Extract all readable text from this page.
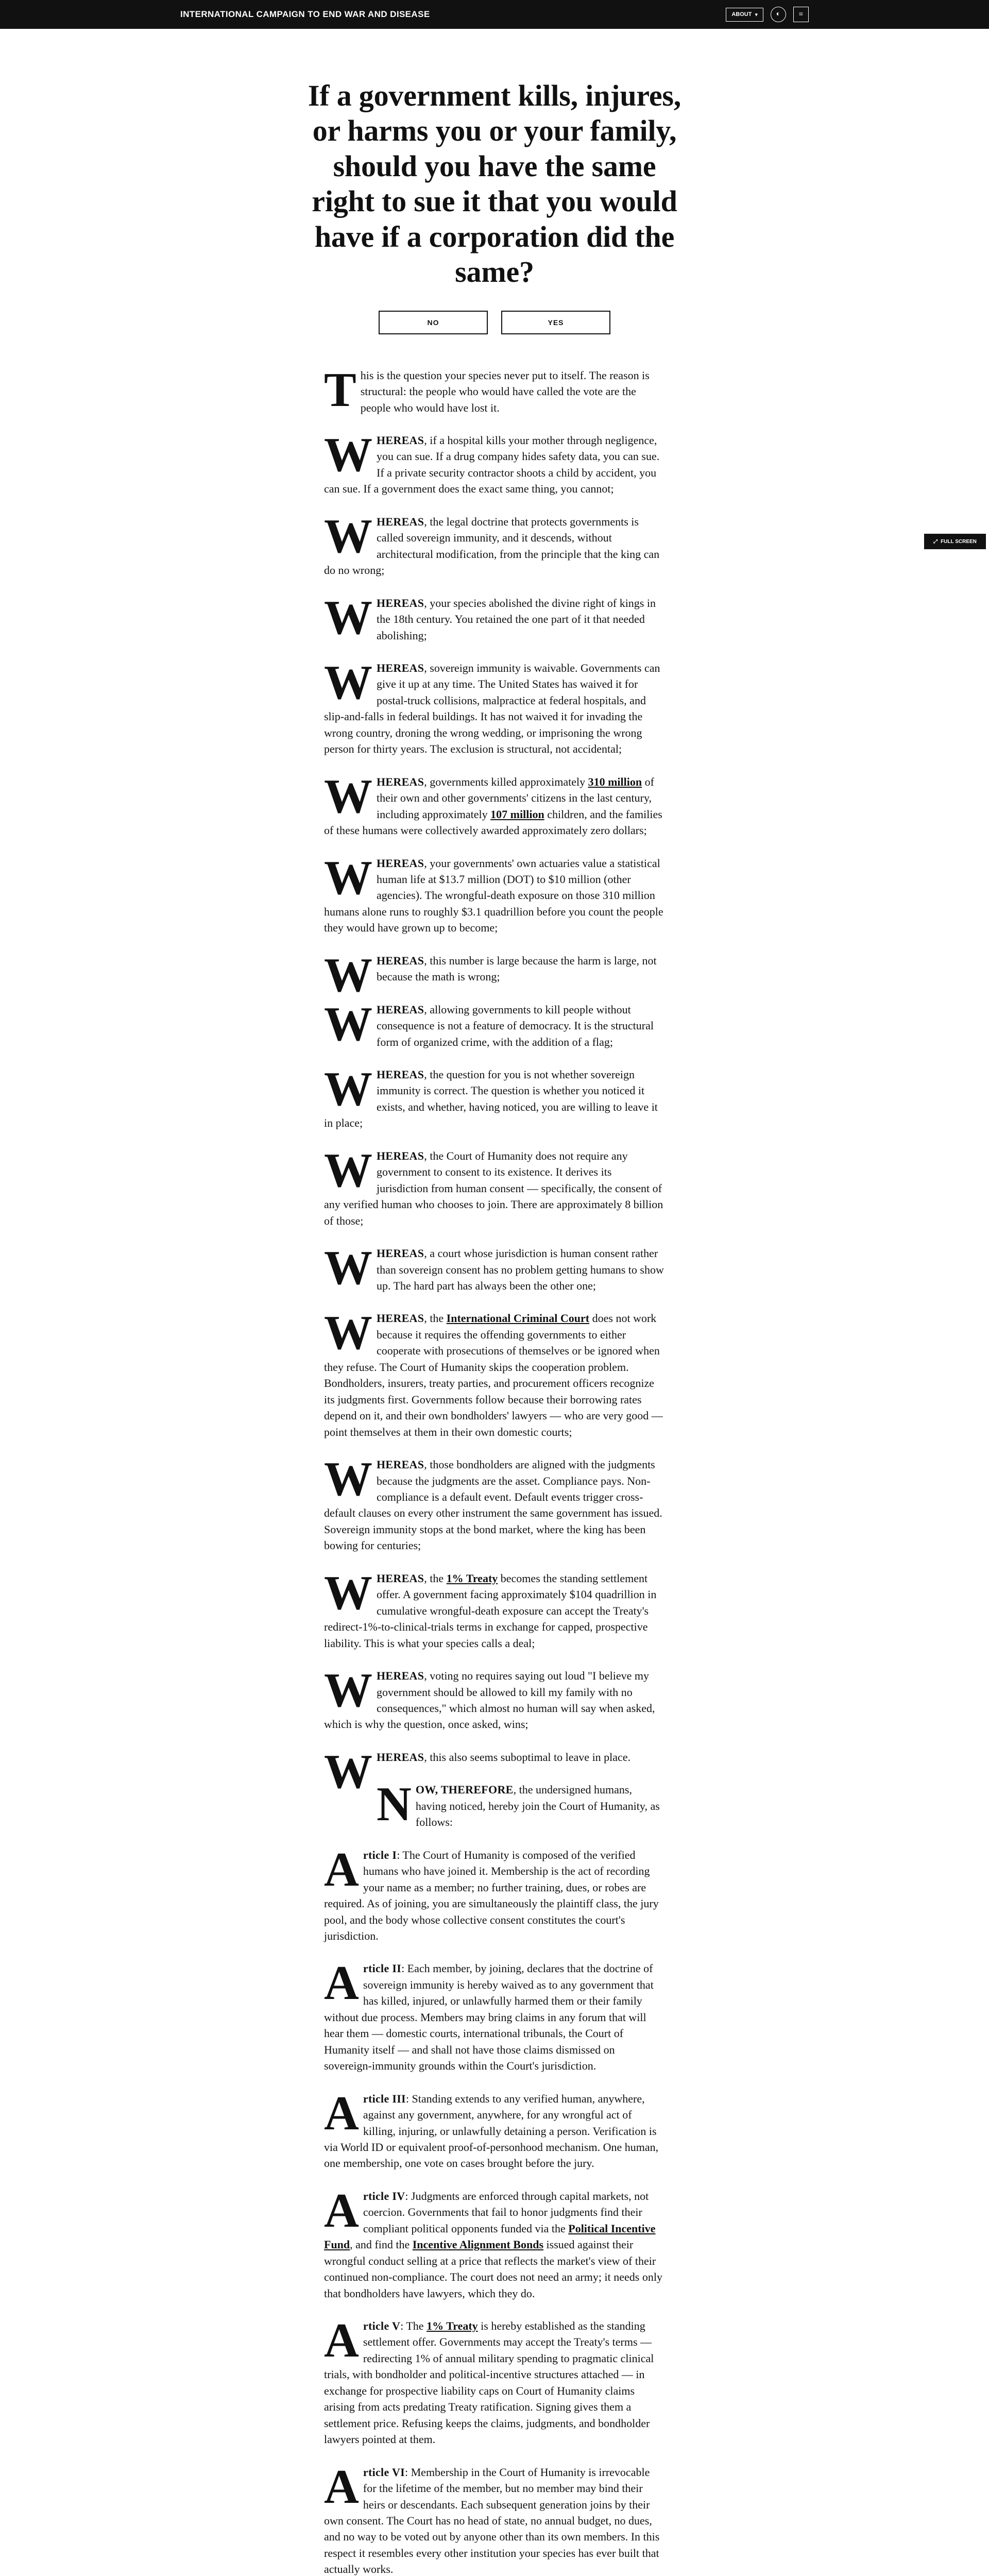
INTERNATIONAL CAMPAIGN TO END WAR AND DISEASE	ABOUT ▾	◐	≡
⤢ FULL SCREEN
If a government kills, injures, or harms you or your family, should you have the same right to sue it that you would have if a corporation did the same?
NO	YES

This is the question your species never put to itself. The reason is structural: the people who would have called the vote are the people who would have lost it.

WHEREAS, if a hospital kills your mother through negligence, you can sue. If a drug company hides safety data, you can sue. If a private security contractor shoots a child by accident, you can sue. If a government does the exact same thing, you cannot;

WHEREAS, the legal doctrine that protects governments is called sovereign immunity, and it descends, without architectural modification, from the principle that the king can do no wrong;

WHEREAS, your species abolished the divine right of kings in the 18th century. You retained the one part of it that needed abolishing;

WHEREAS, sovereign immunity is waivable. Governments can give it up at any time. The United States has waived it for postal-truck collisions, malpractice at federal hospitals, and slip-and-falls in federal buildings. It has not waived it for invading the wrong country, droning the wrong wedding, or imprisoning the wrong person for thirty years. The exclusion is structural, not accidental;

WHEREAS, governments killed approximately 310 million of their own and other governments' citizens in the last century, including approximately 107 million children, and the families of these humans were collectively awarded approximately zero dollars;

WHEREAS, your governments' own actuaries value a statistical human life at $13.7 million (DOT) to $10 million (other agencies). The wrongful-death exposure on those 310 million humans alone runs to roughly $3.1 quadrillion before you count the people they would have grown up to become;

WHEREAS, this number is large because the harm is large, not because the math is wrong;

WHEREAS, allowing governments to kill people without consequence is not a feature of democracy. It is the structural form of organized crime, with the addition of a flag;

WHEREAS, the question for you is not whether sovereign immunity is correct. The question is whether you noticed it exists, and whether, having noticed, you are willing to leave it in place;

WHEREAS, the Court of Humanity does not require any government to consent to its existence. It derives its jurisdiction from human consent — specifically, the consent of any verified human who chooses to join. There are approximately 8 billion of those;

WHEREAS, a court whose jurisdiction is human consent rather than sovereign consent has no problem getting humans to show up. The hard part has always been the other one;

WHEREAS, the International Criminal Court does not work because it requires the offending governments to either cooperate with prosecutions of themselves or be ignored when they refuse. The Court of Humanity skips the cooperation problem. Bondholders, insurers, treaty parties, and procurement officers recognize its judgments first. Governments follow because their borrowing rates depend on it, and their own bondholders' lawyers — who are very good — point themselves at them in their own domestic courts;

WHEREAS, those bondholders are aligned with the judgments because the judgments are the asset. Compliance pays. Non-compliance is a default event. Default events trigger cross-default clauses on every other instrument the same government has issued. Sovereign immunity stops at the bond market, where the king has been bowing for centuries;

WHEREAS, the 1% Treaty becomes the standing settlement offer. A government facing approximately $104 quadrillion in cumulative wrongful-death exposure can accept the Treaty's redirect-1%-to-clinical-trials terms in exchange for capped, prospective liability. This is what your species calls a deal;

WHEREAS, voting no requires saying out loud "I believe my government should be allowed to kill my family with no consequences," which almost no human will say when asked, which is why the question, once asked, wins;

WHEREAS, this also seems suboptimal to leave in place.

NOW, THEREFORE, the undersigned humans, having noticed, hereby join the Court of Humanity, as follows:

Article I: The Court of Humanity is composed of the verified humans who have joined it. Membership is the act of recording your name as a member; no further training, dues, or robes are required. As of joining, you are simultaneously the plaintiff class, the jury pool, and the body whose collective consent constitutes the court's jurisdiction.

Article II: Each member, by joining, declares that the doctrine of sovereign immunity is hereby waived as to any government that has killed, injured, or unlawfully harmed them or their family without due process. Members may bring claims in any forum that will hear them — domestic courts, international tribunals, the Court of Humanity itself — and shall not have those claims dismissed on sovereign-immunity grounds within the Court's jurisdiction.

Article III: Standing extends to any verified human, anywhere, against any government, anywhere, for any wrongful act of killing, injuring, or unlawfully detaining a person. Verification is via World ID or equivalent proof-of-personhood mechanism. One human, one membership, one vote on cases brought before the jury.

Article IV: Judgments are enforced through capital markets, not coercion. Governments that fail to honor judgments find their compliant political opponents funded via the Political Incentive Fund, and find the Incentive Alignment Bonds issued against their wrongful conduct selling at a price that reflects the market's view of their continued non-compliance. The court does not need an army; it needs only that bondholders have lawyers, which they do.

Article V: The 1% Treaty is hereby established as the standing settlement offer. Governments may accept the Treaty's terms — redirecting 1% of annual military spending to pragmatic clinical trials, with bondholder and political-incentive structures attached — in exchange for prospective liability caps on Court of Humanity claims arising from acts predating Treaty ratification. Signing gives them a settlement price. Refusing keeps the claims, judgments, and bondholder lawyers pointed at them.

Article VI: Membership in the Court of Humanity is irrevocable for the lifetime of the member, but no member may bind their heirs or descendants. Each subsequent generation joins by their own consent. The Court has no head of state, no annual budget, no dues, and no way to be voted out by anyone other than its own members. In this respect it resembles every other institution your species has ever built that actually works.
